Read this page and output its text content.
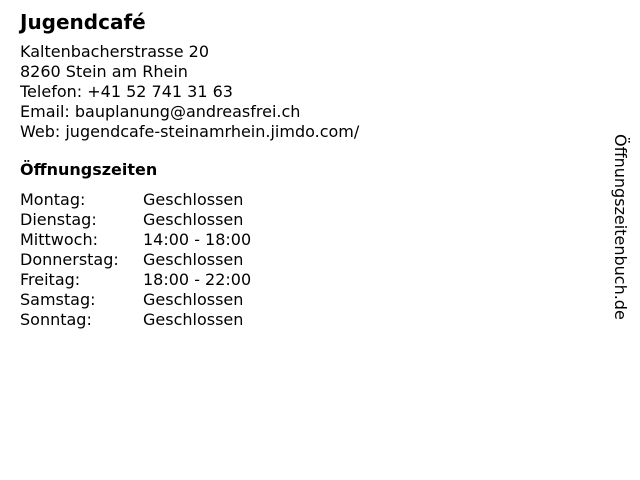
Jugendcafé
Kaltenbacherstrasse 20
8260 Stein am Rhein
Telefon: +41 52 741 31 63
Email: bauplanung@andreasfrei.ch
Web: jugendcafe-steinamrhein.jimdo.com/
Öffnungszeiten
Montag:	Geschlossen
Dienstag:	Geschlossen
Mittwoch:	14:00 - 18:00
Donnerstag:	Geschlossen
Freitag:	18:00 - 22:00
Samstag:	Geschlossen
Sonntag:	Geschlossen	Öffnungszeitenbuch.de
